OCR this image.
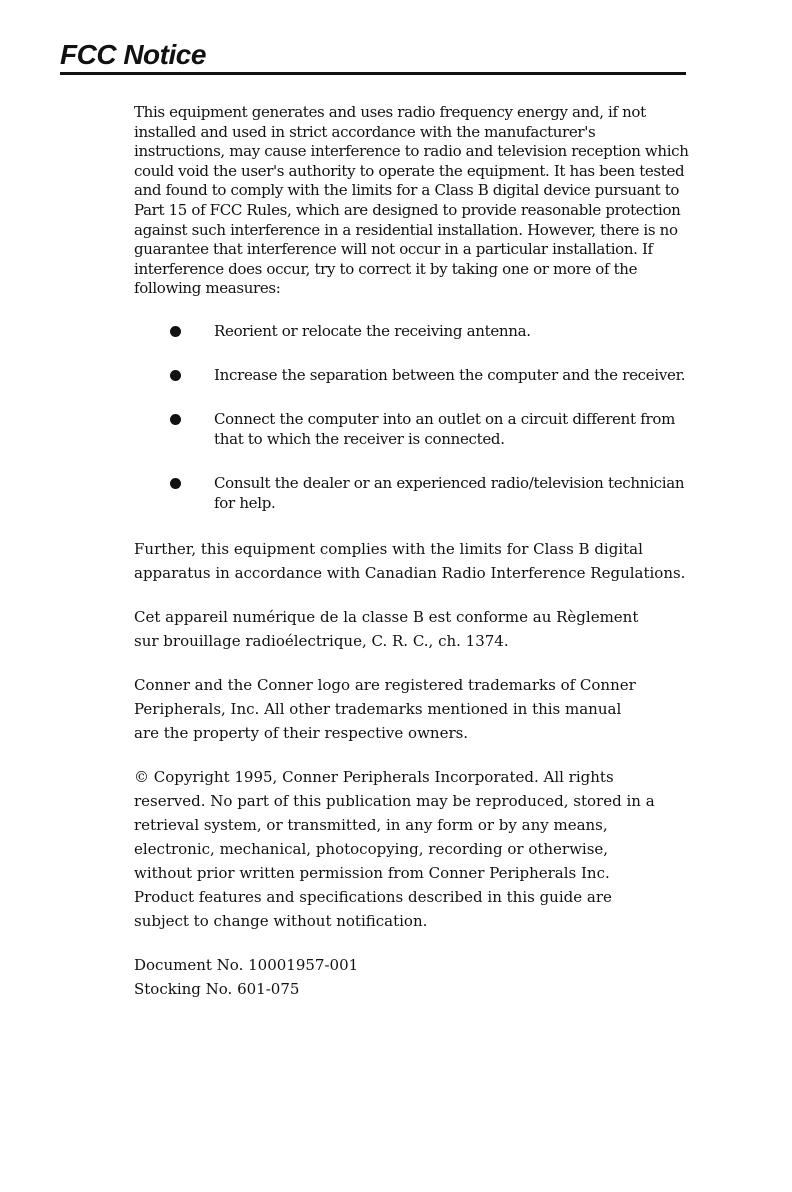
FCC Notice

This equipment generates and uses radio frequency energy and, if not installed and used in strict accordance with the manufacturer's instructions, may cause interference to radio and television reception which could void the user's authority to operate the equipment. It has been tested and found to comply with the limits for a Class B digital device pursuant to Part 15 of FCC Rules, which are designed to provide reasonable protection against such interference in a residential installation. However, there is no guarantee that interference will not occur in a particular installation. If interference does occur, try to correct it by taking one or more of the following measures:

Reorient or relocate the receiving antenna.
Increase the separation between the computer and the receiver.
Connect the computer into an outlet on a circuit different from that to which the receiver is connected.
Consult the dealer or an experienced radio/television technician for help.

Further, this equipment complies with the limits for Class B digital
apparatus in accordance with Canadian Radio Interference Regulations.

Cet appareil numérique de la classe B est conforme au Règlement
sur brouillage radioélectrique, C. R. C., ch. 1374.

Conner and the Conner logo are registered trademarks of Conner
Peripherals, Inc. All other trademarks mentioned in this manual
are the property of their respective owners.

© Copyright 1995, Conner Peripherals Incorporated. All rights
reserved. No part of this publication may be reproduced, stored in a
retrieval system, or transmitted, in any form or by any means,
electronic, mechanical, photocopying, recording or otherwise,
without prior written permission from Conner Peripherals Inc.
Product features and specifications described in this guide are
subject to change without notification.

Document No. 10001957-001
Stocking No. 601-075
